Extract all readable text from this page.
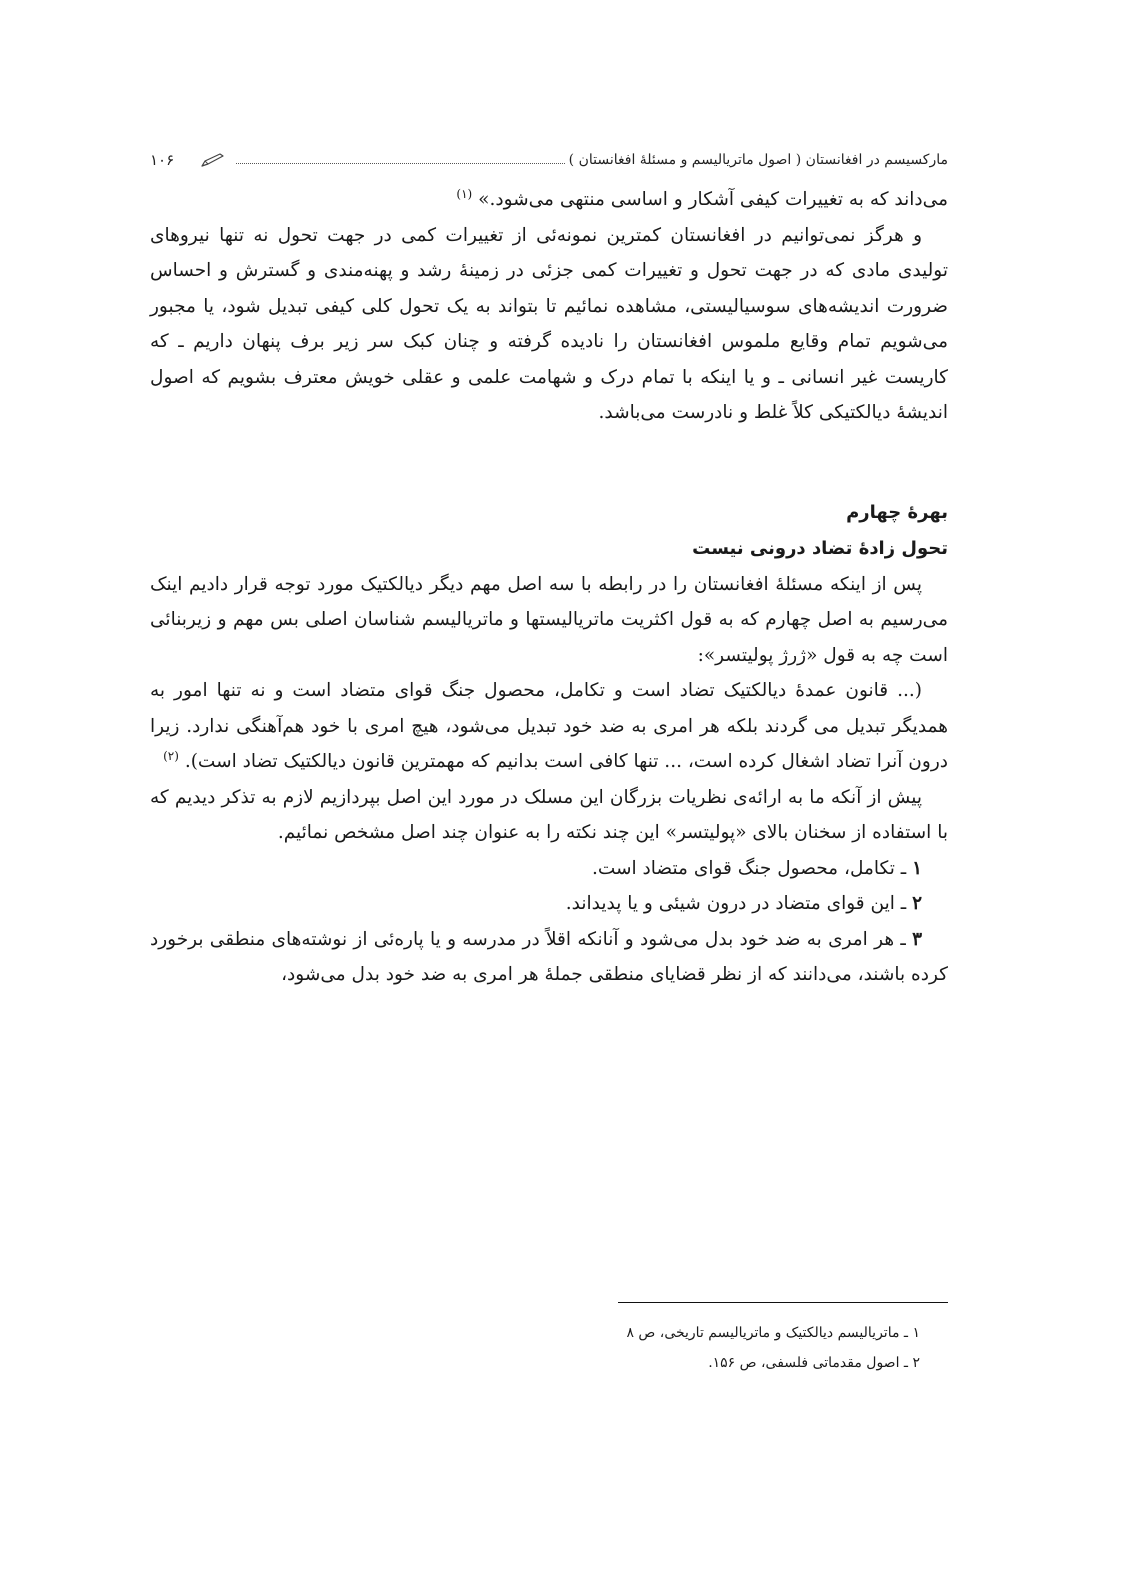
مارکسیسم در افغانستان ( اصول ماتریالیسم و مسئلهٔ افغانستان )
۱۰۶

می‌داند که به تغییرات کیفی آشکار و اساسی منتهی می‌شود.» $^{(۱)}$

و هرگز نمی‌توانیم در افغانستان کمترین نمونه‌ئی از تغییرات کمی در جهت تحول نه تنها نیروهای تولیدی مادی که در جهت تحول و تغییرات کمی جزئی در زمینهٔ رشد و پهنه‌مندی و گسترش و احساس ضرورت اندیشه‌های سوسیالیستی، مشاهده نمائیم تا بتواند به یک تحول کلی کیفی تبدیل شود، یا مجبور می‌شویم تمام وقایع ملموس افغانستان را نادیده گرفته و چنان کبک سر زیر برف پنهان داریم ـ که کاریست غیر انسانی ـ و یا اینکه با تمام درک و شهامت علمی و عقلی خویش معترف بشویم که اصول اندیشهٔ دیالکتیکی کلاً غلط و نادرست می‌باشد.

بهرهٔ چهارم

تحول زادهٔ تضاد درونی نیست

پس از اینکه مسئلهٔ افغانستان را در رابطه با سه اصل مهم دیگر دیالکتیک مورد توجه قرار دادیم اینک می‌رسیم به اصل چهارم که به قول اکثریت ماتریالیستها و ماتریالیسم شناسان اصلی بس مهم و زیربنائی است چه به قول «ژرژ پولیتسر»:

(... قانون عمدهٔ دیالکتیک تضاد است و تکامل، محصول جنگ قوای متضاد است و نه تنها امور به همدیگر تبدیل می گردند بلکه هر امری به ضد خود تبدیل می‌شود، هیچ امری با خود هم‌آهنگی ندارد. زیرا درون آنرا تضاد اشغال کرده است، ... تنها کافی است بدانیم که مهمترین قانون دیالکتیک تضاد است). $^{(۲)}$

پیش از آنکه ما به ارائه‌ی نظریات بزرگان این مسلک در مورد این اصل بپردازیم لازم به تذکر دیدیم که با استفاده از سخنان بالای «پولیتسر» این چند نکته را به عنوان چند اصل مشخص نمائیم.

۱ ـ تکامل، محصول جنگ قوای متضاد است.

۲ ـ این قوای متضاد در درون شیئی و یا پدیداند.

۳ ـ هر امری به ضد خود بدل می‌شود و آنانکه اقلاً در مدرسه و یا پاره‌ئی از نوشته‌های منطقی برخورد کرده باشند، می‌دانند که از نظر قضایای منطقی جملهٔ هر امری به ضد خود بدل می‌شود،

۱ ـ ماتریالیسم دیالکتیک و ماتریالیسم تاریخی، ص ۸

۲ ـ اصول مقدماتی فلسفی، ص ۱۵۶.
